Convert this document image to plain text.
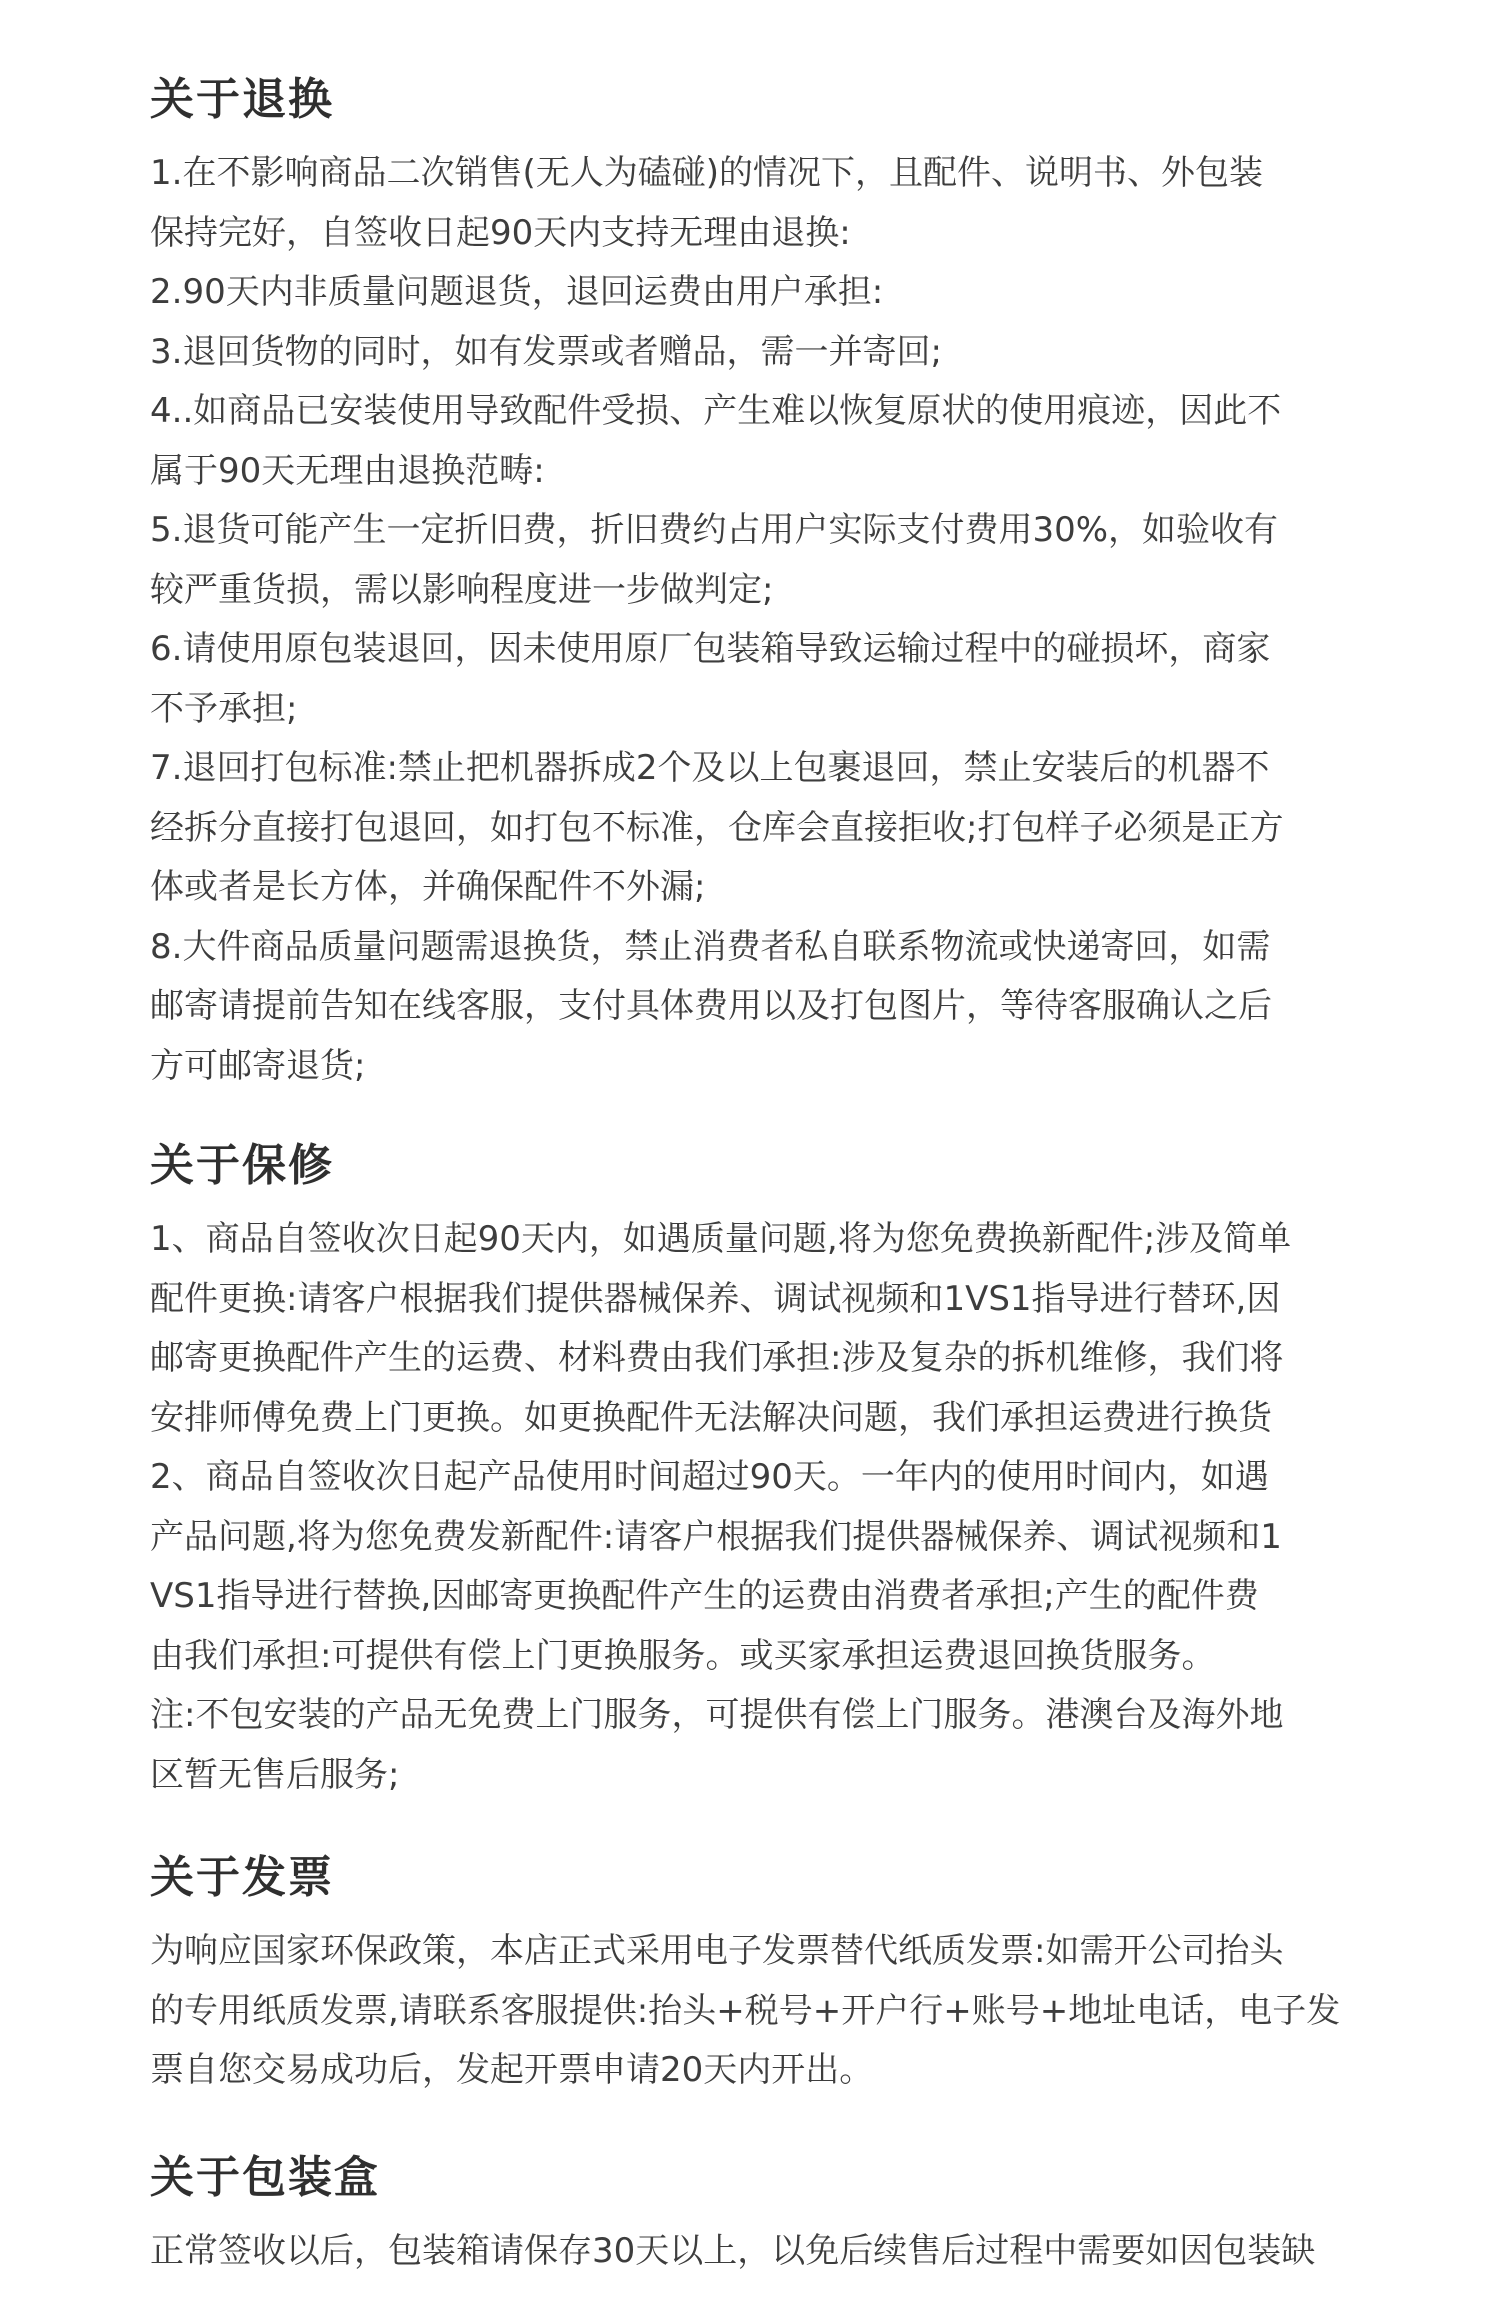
关于退换
1.在不影响商品二次销售(无人为磕碰)的情况下，且配件、说明书、外包装
保持完好，自签收日起90天内支持无理由退换:
2.90天内非质量问题退货，退回运费由用户承担:
3.退回货物的同时，如有发票或者赠品，需一并寄回;
4..如商品已安装使用导致配件受损、产生难以恢复原状的使用痕迹，因此不
属于90天无理由退换范畴:
5.退货可能产生一定折旧费，折旧费约占用户实际支付费用30%，如验收有
较严重货损，需以影响程度进一步做判定;
6.请使用原包装退回，因未使用原厂包装箱导致运输过程中的碰损坏，商家
不予承担;
7.退回打包标准:禁止把机器拆成2个及以上包裹退回，禁止安装后的机器不
经拆分直接打包退回，如打包不标准，仓库会直接拒收;打包样子必须是正方
体或者是长方体，并确保配件不外漏;
8.大件商品质量问题需退换货，禁止消费者私自联系物流或快递寄回，如需
邮寄请提前告知在线客服，支付具体费用以及打包图片，等待客服确认之后
方可邮寄退货;
关于保修
1、商品自签收次日起90天内，如遇质量问题,将为您免费换新配件;涉及简单
配件更换:请客户根据我们提供器械保养、调试视频和1VS1指导进行替环,因
邮寄更换配件产生的运费、材料费由我们承担:涉及复杂的拆机维修，我们将
安排师傅免费上门更换。如更换配件无法解决问题，我们承担运费进行换货
2、商品自签收次日起产品使用时间超过90天。一年内的使用时间内，如遇
产品问题,将为您免费发新配件:请客户根据我们提供器械保养、调试视频和1
VS1指导进行替换,因邮寄更换配件产生的运费由消费者承担;产生的配件费
由我们承担:可提供有偿上门更换服务。或买家承担运费退回换货服务。
注:不包安装的产品无免费上门服务，可提供有偿上门服务。港澳台及海外地
区暂无售后服务;
关于发票
为响应国家环保政策，本店正式采用电子发票替代纸质发票:如需开公司抬头
的专用纸质发票,请联系客服提供:抬头+税号+开户行+账号+地址电话，电子发
票自您交易成功后，发起开票申请20天内开出。
关于包装盒
正常签收以后，包装箱请保存30天以上，以免后续售后过程中需要如因包装缺
